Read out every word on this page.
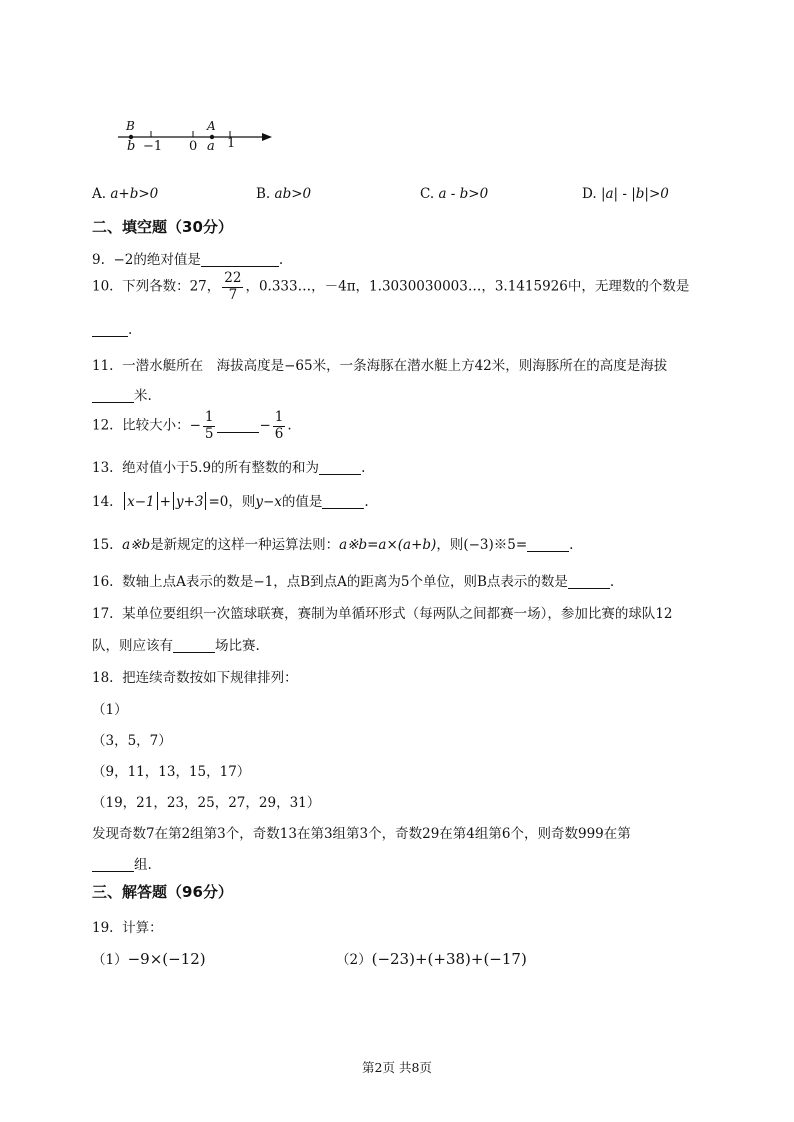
B	A
b −1 0 a 1
A. a+b>0	B. ab>0	C. a - b>0	D. |a| - |b|>0
二、填空题（30分）
9. −2的绝对值是	.
10. 下列各数：27， $\frac{22}{7}$ ，0.333…，－4π，1.3030030003…，3.1415926中，无理数的个数是
.
11. 一潜水艇所在　海拔高度是−65米，一条海豚在潜水艇上方42米，则海豚所在的高度是海拔
米.
12. 比较大小：− $\frac{1}{5}$	− $\frac{1}{6}$ .
13. 绝对值小于5.9的所有整数的和为	.
14. x−1 + y+3 =0，则y−x的值是	.
15. a※b是新规定的这样一种运算法则：a※b=a×(a+b)，则(−3)※5=	.
16. 数轴上点A表示的数是−1，点B到点A的距离为5个单位，则B点表示的数是	.
17. 某单位要组织一次篮球联赛，赛制为单循环形式（每两队之间都赛一场），参加比赛的球队12
队，则应该有	场比赛.
18. 把连续奇数按如下规律排列：
（1）
（3，5，7）
（9，11，13，15，17）
（19，21，23，25，27，29，31）
发现奇数7在第2组第3个，奇数13在第3组第3个，奇数29在第4组第6个，则奇数999在第
组.
三、解答题（96分）
19. 计算：
（1）−9×(−12)	（2）(−23)+(+38)+(−17)
第2页 共8页
